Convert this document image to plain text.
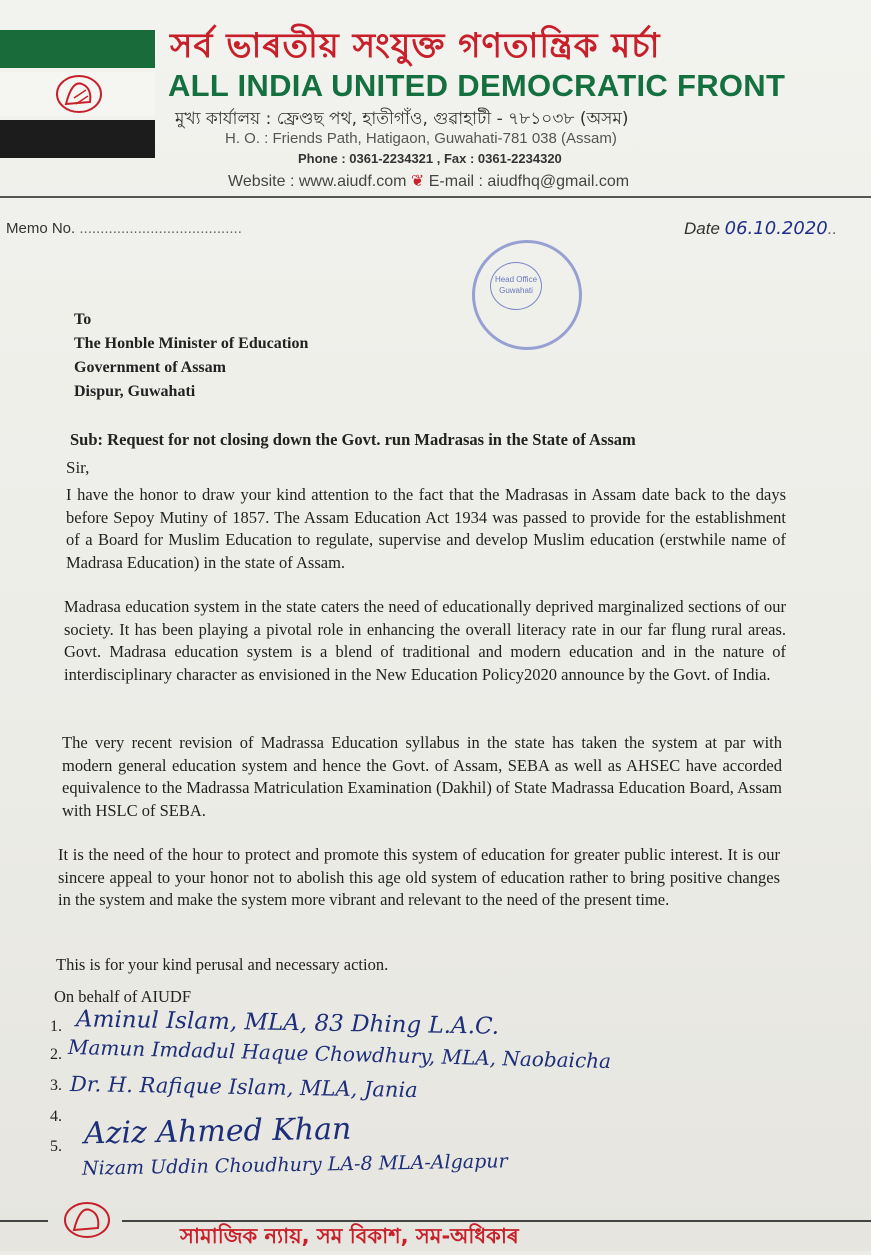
সর্ব ভাৰতীয় সংযুক্ত গণতান্ত্ৰিক মৰ্চা
ALL INDIA UNITED DEMOCRATIC FRONT
মুখ্য কাৰ্যালয় : ফ্ৰেণ্ডছ পথ, হাতীগাঁও, গুৱাহাটী - ৭৮১০৩৮ (অসম)
H. O. : Friends Path, Hatigaon, Guwahati-781 038 (Assam)
Phone : 0361-2234321 , Fax : 0361-2234320
Website : www.aiudf.com ❦ E-mail : aiudfhq@gmail.com
Memo No. .......................................	Date 06.10.2020..
Head Office
Guwahati
To
The Honble Minister of Education
Government of Assam
Dispur, Guwahati
Sub: Request for not closing down the Govt. run Madrasas in the State of Assam
Sir,
I have the honor to draw your kind attention to the fact that the Madrasas in Assam date back to the days before Sepoy Mutiny of 1857. The Assam Education Act 1934 was passed to provide for the establishment of a Board for Muslim Education to regulate, supervise and develop Muslim education (erstwhile name of Madrasa Education) in the state of Assam.
Madrasa education system in the state caters the need of educationally deprived marginalized sections of our society. It has been playing a pivotal role in enhancing the overall literacy rate in our far flung rural areas. Govt. Madrasa education system is a blend of traditional and modern education and in the nature of interdisciplinary character as envisioned in the New Education Policy2020 announce by the Govt. of India.
The very recent revision of Madrassa Education syllabus in the state has taken the system at par with modern general education system and hence the Govt. of Assam, SEBA as well as AHSEC have accorded equivalence to the Madrassa Matriculation Examination (Dakhil) of State Madrassa Education Board, Assam with HSLC of SEBA.
It is the need of the hour to protect and promote this system of education for greater public interest. It is our sincere appeal to your honor not to abolish this age old system of education rather to bring positive changes in the system and make the system more vibrant and relevant to the need of the present time.
This is for your kind perusal and necessary action.
On behalf of AIUDF
1.
2.
3.
4.
5.
Aminul Islam, MLA, 83 Dhing L.A.C.
Mamun Imdadul Haque Chowdhury, MLA, Naobaicha
Dr. H. Rafique Islam, MLA, Jania
Aziz Ahmed Khan
Nizam Uddin Choudhury LA-8 MLA-Algapur
সামাজিক ন্যায়, সম বিকাশ, সম-অধিকাৰ
